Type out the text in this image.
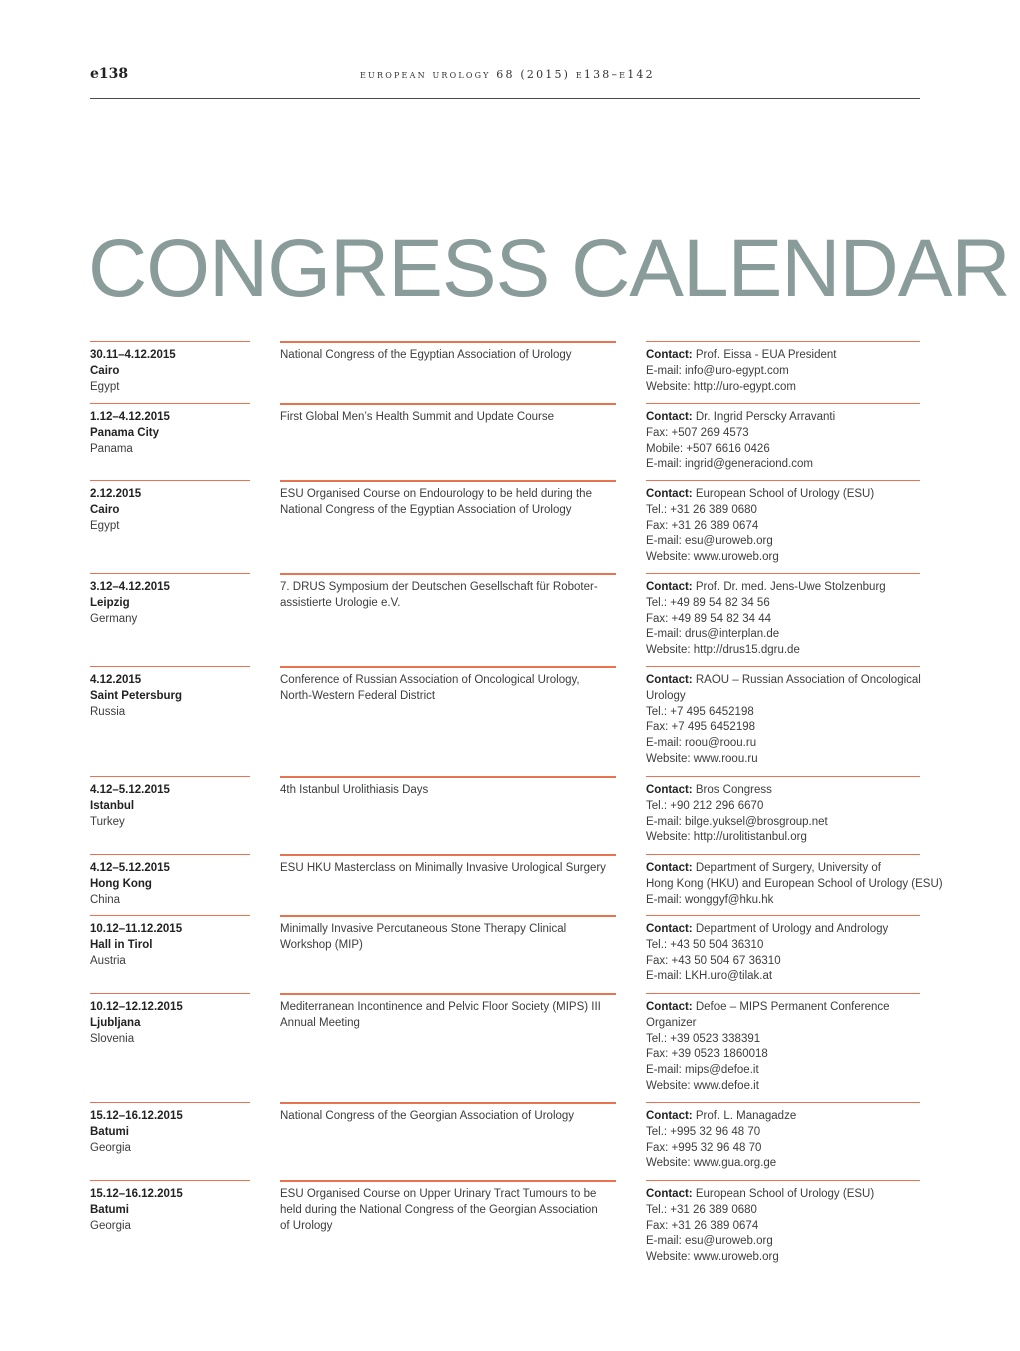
e138	european urology 68 (2015) e138–e142
CONGRESS CALENDAR
30.11–4.12.2015
Cairo
Egypt
National Congress of the Egyptian Association of Urology	Contact: Prof. Eissa - EUA President
E-mail: info@uro-egypt.com
Website: http://uro-egypt.com
1.12–4.12.2015
Panama City
Panama
First Global Men’s Health Summit and Update Course	Contact: Dr. Ingrid Perscky Arravanti
Fax: +507 269 4573
Mobile: +507 6616 0426
E-mail: ingrid@generaciond.com
2.12.2015
Cairo
Egypt
ESU Organised Course on Endourology to be held during the
National Congress of the Egyptian Association of Urology
Contact: European School of Urology (ESU)
Tel.: +31 26 389 0680
Fax: +31 26 389 0674
E-mail: esu@uroweb.org
Website: www.uroweb.org
3.12–4.12.2015
Leipzig
Germany
7. DRUS Symposium der Deutschen Gesellschaft für Roboter-
assistierte Urologie e.V.
Contact: Prof. Dr. med. Jens-Uwe Stolzenburg
Tel.: +49 89 54 82 34 56
Fax: +49 89 54 82 34 44
E-mail: drus@interplan.de
Website: http://drus15.dgru.de
4.12.2015
Saint Petersburg
Russia
Conference of Russian Association of Oncological Urology,
North-Western Federal District
Contact: RAOU – Russian Association of Oncological
Urology
Tel.: +7 495 6452198
Fax: +7 495 6452198
E-mail: roou@roou.ru
Website: www.roou.ru
4.12–5.12.2015
Istanbul
Turkey
4th Istanbul Urolithiasis Days	Contact: Bros Congress
Tel.: +90 212 296 6670
E-mail: bilge.yuksel@brosgroup.net
Website: http://urolitistanbul.org
4.12–5.12.2015
Hong Kong
China
ESU HKU Masterclass on Minimally Invasive Urological Surgery	Contact: Department of Surgery, University of
Hong Kong (HKU) and European School of Urology (ESU)
E-mail: wonggyf@hku.hk
10.12–11.12.2015
Hall in Tirol
Austria
Minimally Invasive Percutaneous Stone Therapy Clinical
Workshop (MIP)
Contact: Department of Urology and Andrology
Tel.: +43 50 504 36310
Fax: +43 50 504 67 36310
E-mail: LKH.uro@tilak.at
10.12–12.12.2015
Ljubljana
Slovenia
Mediterranean Incontinence and Pelvic Floor Society (MIPS) III
Annual Meeting
Contact: Defoe – MIPS Permanent Conference
Organizer
Tel.: +39 0523 338391
Fax: +39 0523 1860018
E-mail: mips@defoe.it
Website: www.defoe.it
15.12–16.12.2015
Batumi
Georgia
National Congress of the Georgian Association of Urology	Contact: Prof. L. Managadze
Tel.: +995 32 96 48 70
Fax: +995 32 96 48 70
Website: www.gua.org.ge
15.12–16.12.2015
Batumi
Georgia
ESU Organised Course on Upper Urinary Tract Tumours to be
held during the National Congress of the Georgian Association
of Urology
Contact: European School of Urology (ESU)
Tel.: +31 26 389 0680
Fax: +31 26 389 0674
E-mail: esu@uroweb.org
Website: www.uroweb.org
